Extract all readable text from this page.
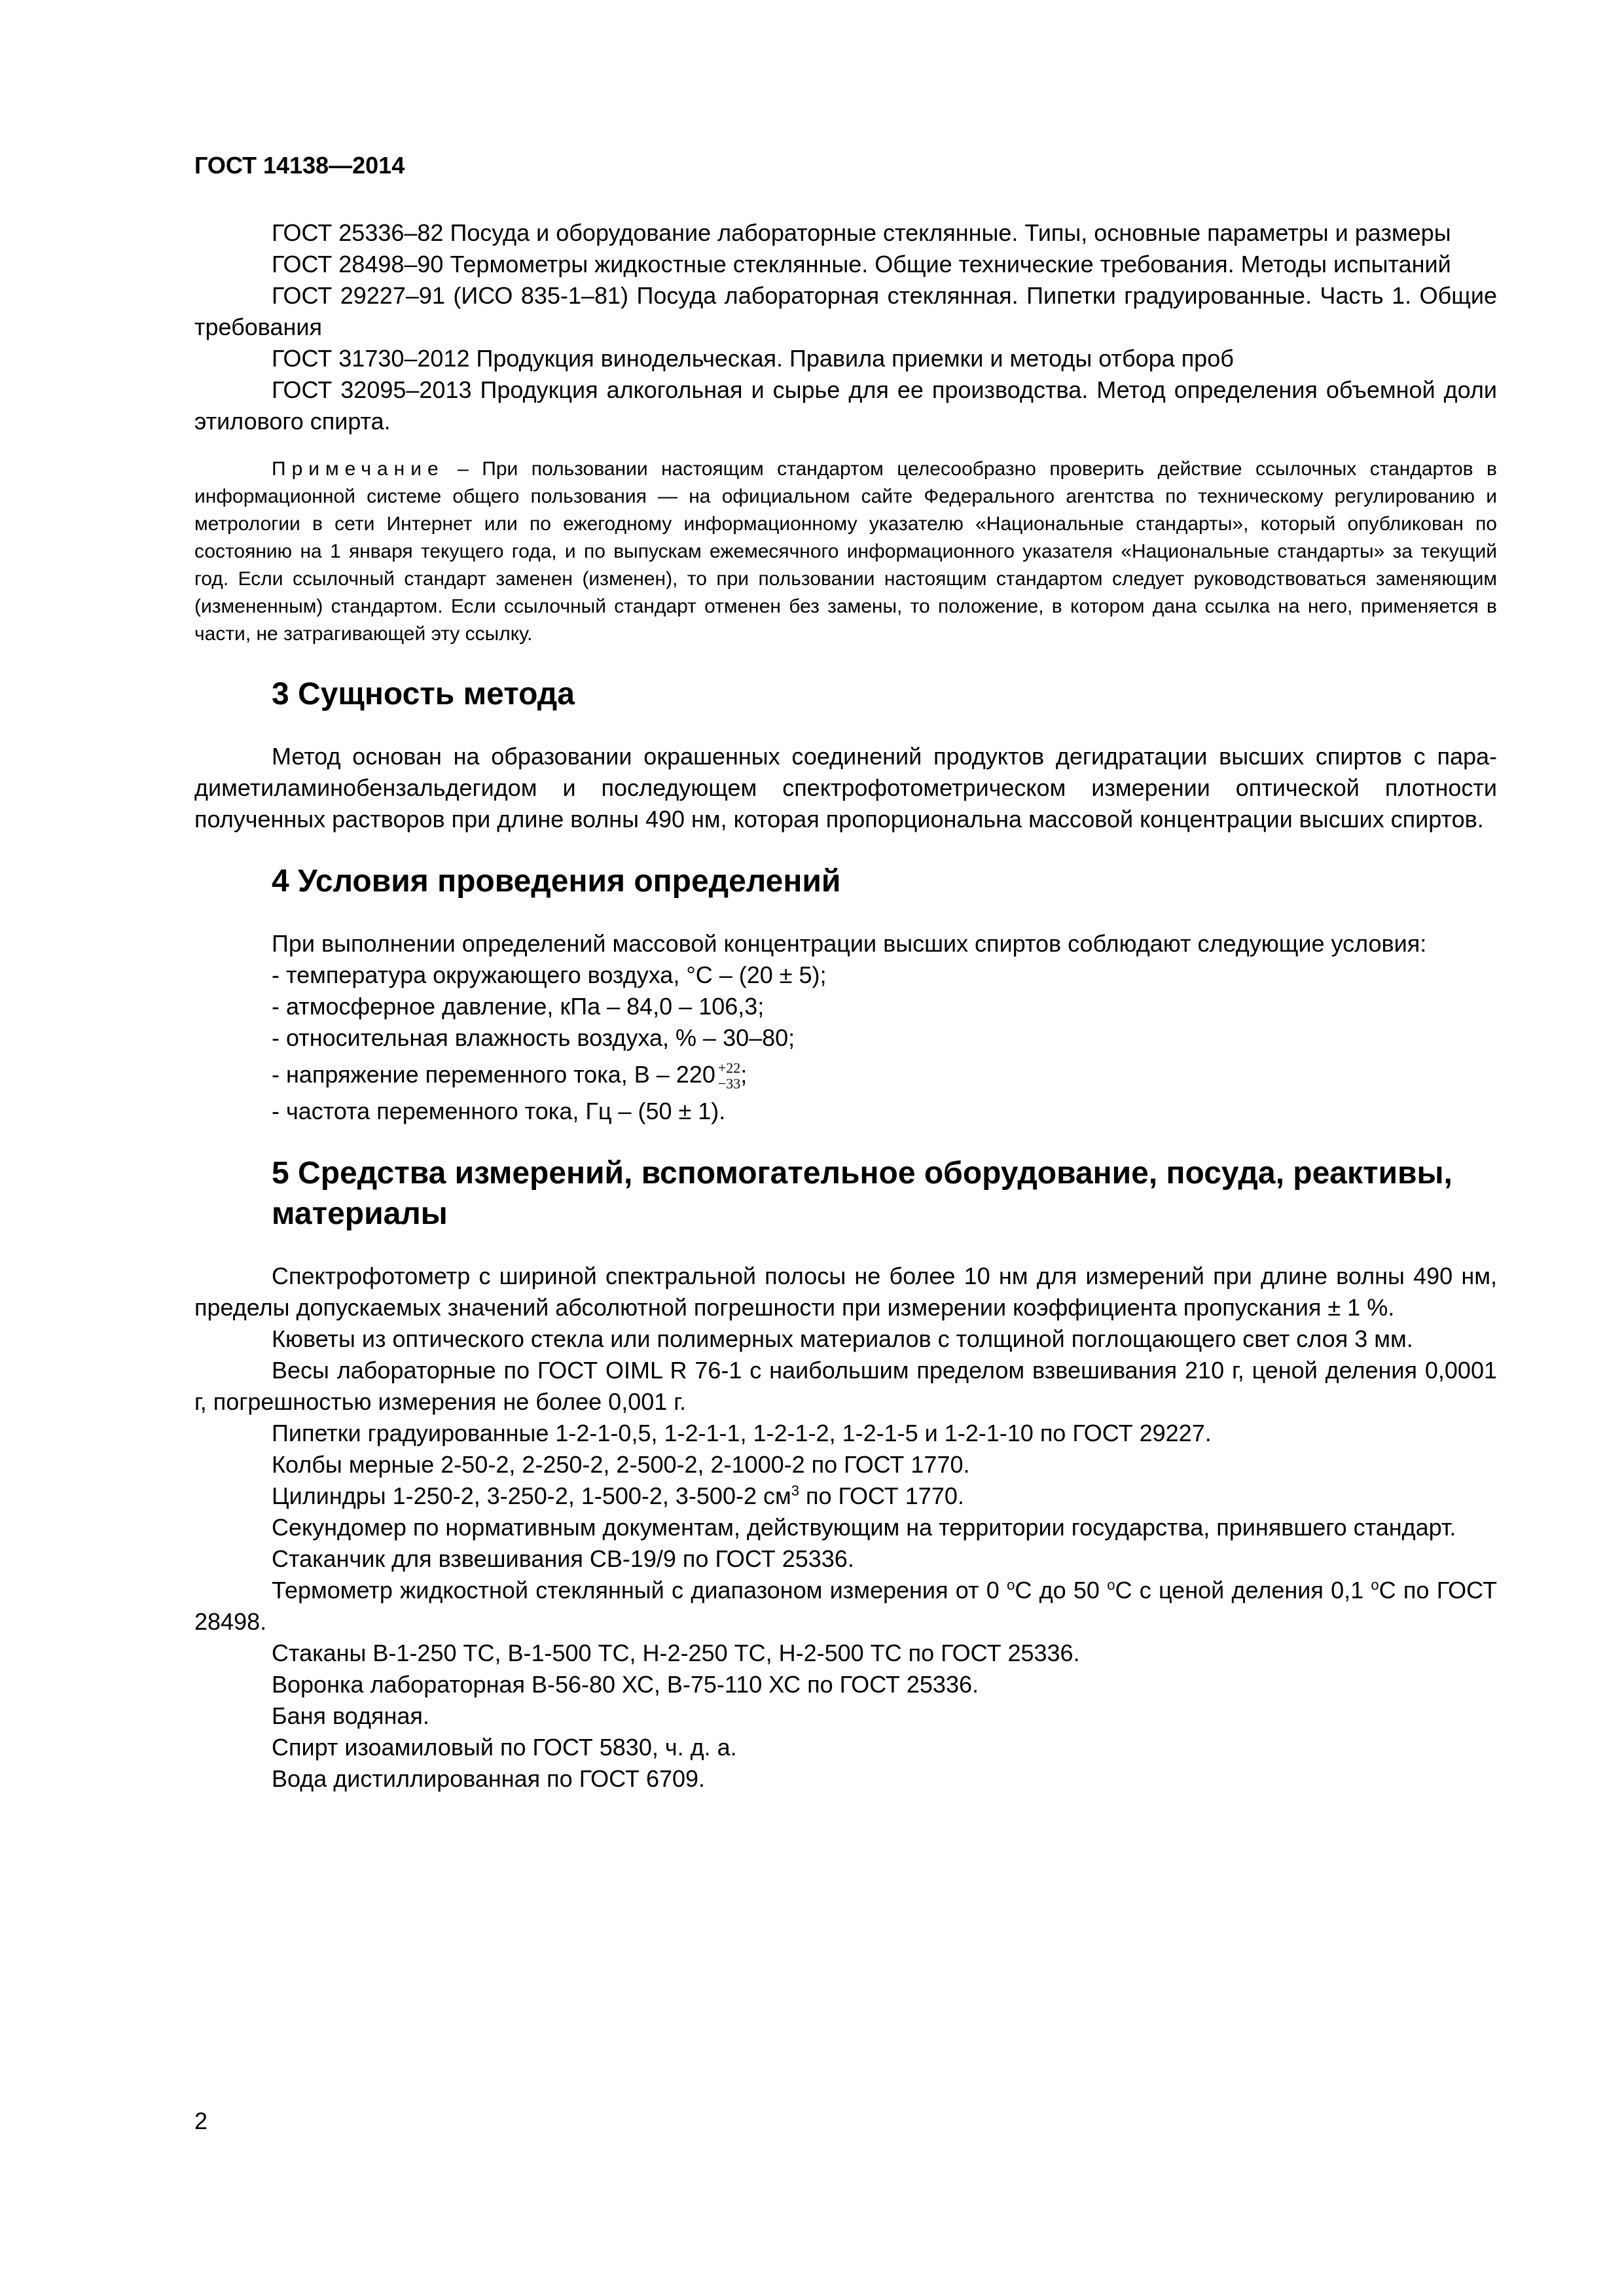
ГОСТ 14138—2014

ГОСТ 25336–82 Посуда и оборудование лабораторные стеклянные. Типы, основные параметры и размеры

ГОСТ 28498–90 Термометры жидкостные стеклянные. Общие технические требования. Методы испытаний

ГОСТ 29227–91 (ИСО 835-1–81) Посуда лабораторная стеклянная. Пипетки градуированные. Часть 1. Общие требования

ГОСТ 31730–2012 Продукция винодельческая. Правила приемки и методы отбора проб

ГОСТ 32095–2013 Продукция алкогольная и сырье для ее производства. Метод определения объемной доли этилового спирта.

Примечание – При пользовании настоящим стандартом целесообразно проверить действие ссылочных стандартов в информационной системе общего пользования — на официальном сайте Федерального агентства по техническому регулированию и метрологии в сети Интернет или по ежегодному информационному указателю «Национальные стандарты», который опубликован по состоянию на 1 января текущего года, и по выпускам ежемесячного информационного указателя «Национальные стандарты» за текущий год. Если ссылочный стандарт заменен (изменен), то при пользовании настоящим стандартом следует руководствоваться заменяющим (измененным) стандартом. Если ссылочный стандарт отменен без замены, то положение, в котором дана ссылка на него, применяется в части, не затрагивающей эту ссылку.

3 Сущность метода

Метод основан на образовании окрашенных соединений продуктов дегидратации высших спиртов с пара-диметиламинобензальдегидом и последующем спектрофотометрическом измерении оптической плотности полученных растворов при длине волны 490 нм, которая пропорциональна массовой концентрации высших спиртов.

4 Условия проведения определений

При выполнении определений массовой концентрации высших спиртов соблюдают следующие условия:

- температура окружающего воздуха, °С – (20 ± 5);

- атмосферное давление, кПа – 84,0 – 106,3;

- относительная влажность воздуха, % – 30–80;

- напряжение переменного тока, В – 220 +22
−33 ;

- частота переменного тока, Гц – (50 ± 1).

5 Средства измерений, вспомогательное оборудование, посуда, реактивы, материалы

Спектрофотометр с шириной спектральной полосы не более 10 нм для измерений при длине волны 490 нм, пределы допускаемых значений абсолютной погрешности при измерении коэффициента пропускания ± 1 %.

Кюветы из оптического стекла или полимерных материалов с толщиной поглощающего свет слоя 3 мм.

Весы лабораторные по ГОСТ OIML R 76-1 с наибольшим пределом взвешивания 210 г, ценой деления 0,0001 г, погрешностью измерения не более 0,001 г.

Пипетки градуированные 1-2-1-0,5, 1-2-1-1, 1-2-1-2, 1-2-1-5 и 1-2-1-10 по ГОСТ 29227.

Колбы мерные 2-50-2, 2-250-2, 2-500-2, 2-1000-2 по ГОСТ 1770.

Цилиндры 1-250-2, 3-250-2, 1-500-2, 3-500-2 $см^3$ по ГОСТ 1770.

Секундомер по нормативным документам, действующим на территории государства, принявшего стандарт.

Стаканчик для взвешивания СВ-19/9 по ГОСТ 25336.

Термометр жидкостной стеклянный с диапазоном измерения от 0 $^о$С до 50 $^о$С с ценой деления 0,1 $^о$С по ГОСТ 28498.

Стаканы В-1-250 ТС, В-1-500 ТС, Н-2-250 ТС, Н-2-500 ТС по ГОСТ 25336.

Воронка лабораторная В-56-80 ХС, В-75-110 ХС по ГОСТ 25336.

Баня водяная.

Спирт изоамиловый по ГОСТ 5830, ч. д. а.

Вода дистиллированная по ГОСТ 6709.

2
